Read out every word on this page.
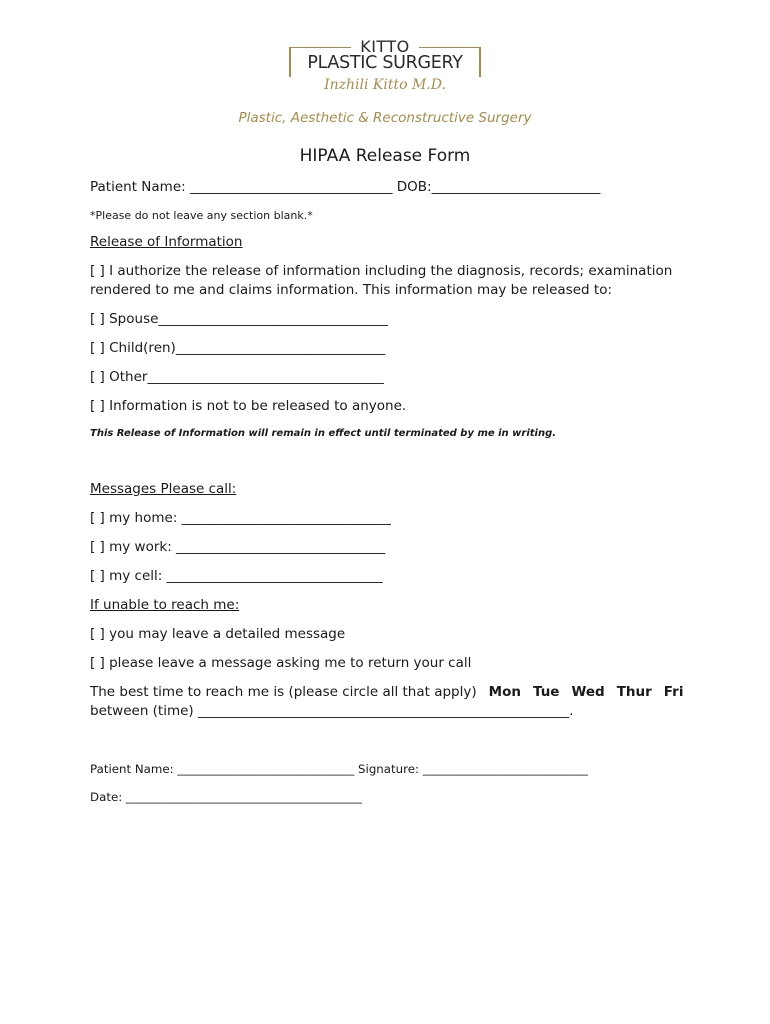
KITTO
PLASTIC SURGERY
Inzhili Kitto M.D.
Plastic, Aesthetic & Reconstructive Surgery
HIPAA Release Form
Patient Name: ______________________________ DOB:_________________________
*Please do not leave any section blank.*
Release of Information
[ ] I authorize the release of information including the diagnosis, records; examination
rendered to me and claims information. This information may be released to:
[ ] Spouse__________________________________
[ ] Child(ren)_______________________________
[ ] Other___________________________________
[ ] Information is not to be released to anyone.
This Release of Information will remain in effect until terminated by me in writing.
Messages Please call:
[ ] my home: _______________________________
[ ] my work: _______________________________
[ ] my cell: ________________________________
If unable to reach me:
[ ] you may leave a detailed message
[ ] please leave a message asking me to return your call
The best time to reach me is (please circle all that apply) Mon Tue Wed Thur Fri
between (time) _______________________________________________________.
Patient Name: ______________________________ Signature: ____________________________
Date: ________________________________________
